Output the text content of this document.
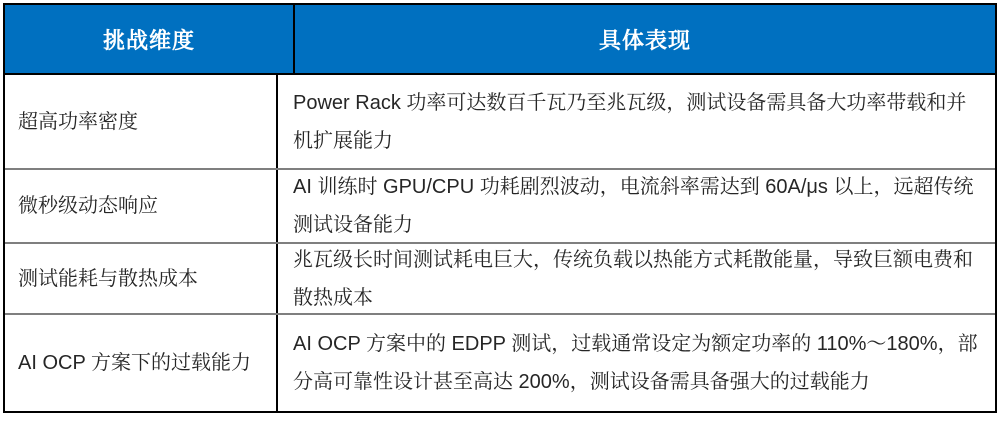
挑战维度	具体表现
超高功率密度
Power Rack 功率可达数百千瓦乃至兆瓦级，测试设备需具备大功率带载和并机扩展能力
微秒级动态响应
AI 训练时 GPU/CPU 功耗剧烈波动，电流斜率需达到 60A/μs 以上，远超传统测试设备能力
测试能耗与散热成本
兆瓦级长时间测试耗电巨大，传统负载以热能方式耗散能量，导致巨额电费和散热成本
AI OCP 方案下的过载能力
AI OCP 方案中的 EDPP 测试，过载通常设定为额定功率的 110%～180%，部分高可靠性设计甚至高达 200%，测试设备需具备强大的过载能力
